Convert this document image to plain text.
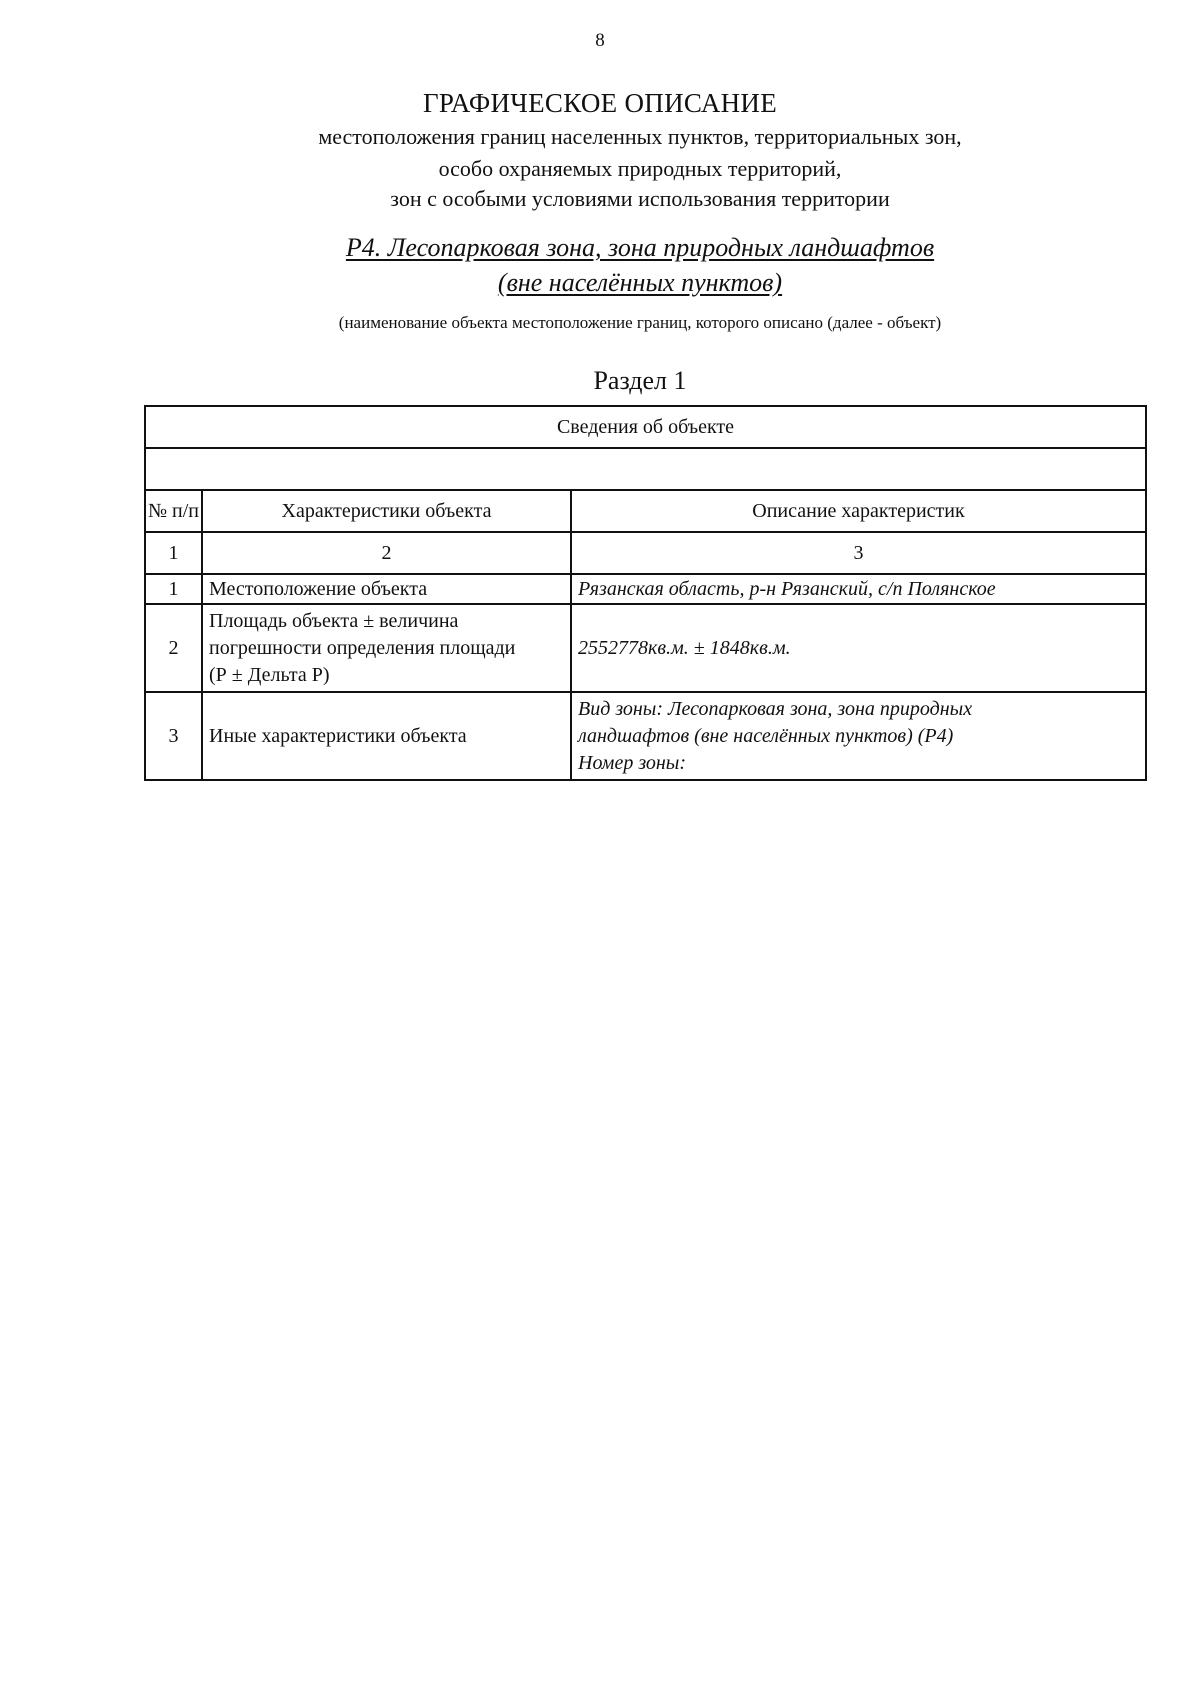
8
ГРАФИЧЕСКОЕ ОПИСАНИЕ
местоположения границ населенных пунктов, территориальных зон,
особо охраняемых природных территорий,
зон с особыми условиями использования территории
Р4. Лесопарковая зона, зона природных ландшафтов
(вне населённых пунктов)
(наименование объекта местоположение границ, которого описано (далее - объект)
Раздел 1
Сведения об объекте		

№ п/п	Характеристики объекта	Описание характеристик
1	2	3
1	Местоположение объекта	Рязанская область, р-н Рязанский, с/п Полянское

2	Площадь объекта ± величина
погрешности определения площади
(Р ± Дельта Р)	2552778кв.м. ± 1848кв.м.

3	Иные характеристики объекта	Вид зоны: Лесопарковая зона, зона природных
ландшафтов (вне населённых пунктов) (Р4)
Номер зоны:
